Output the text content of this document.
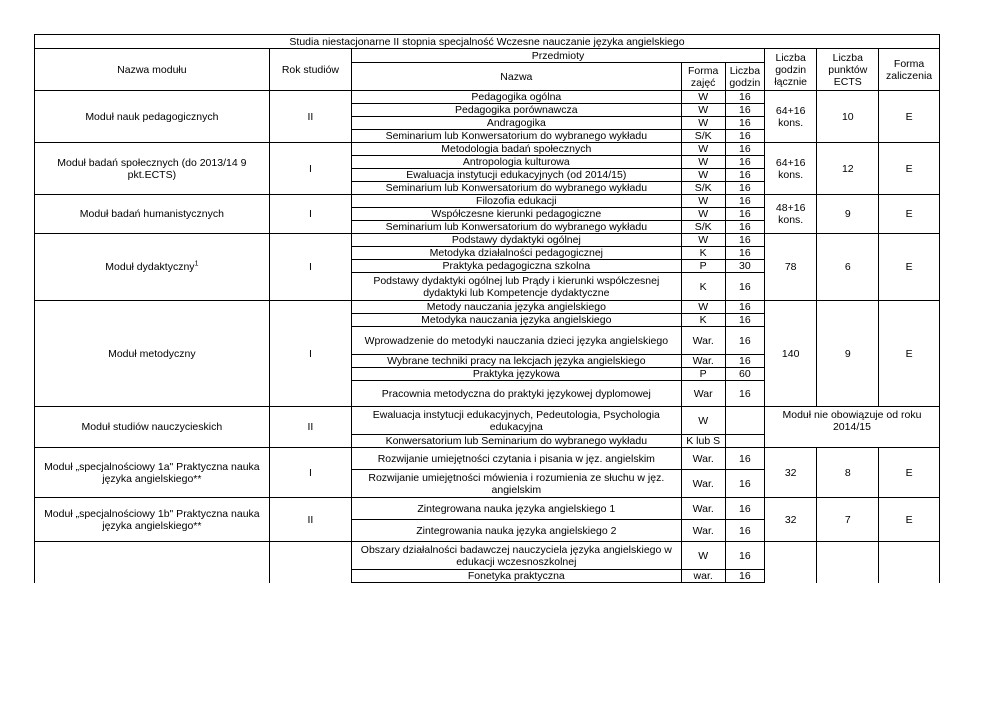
Studia niestacjonarne II stopnia specjalność Wczesne nauczanie języka angielskiego							
Nazwa modułu	Rok studiów	Przedmioty			Liczba godzin łącznie	Liczba punktów ECTS	Forma zaliczenia
		Nazwa	Forma zajęć	Liczba godzin			
Moduł nauk pedagogicznych	II	Pedagogika ogólna	W	16	64+16 kons.	10	E
		Pedagogika porównawcza	W	16			
		Andragogika	W	16			
		Seminarium lub Konwersatorium do wybranego wykładu	S/K	16			
Moduł badań społecznych (do 2013/14 9 pkt.ECTS)	I	Metodologia badań społecznych	W	16	64+16 kons.	12	E
		Antropologia kulturowa	W	16			
		Ewaluacja instytucji edukacyjnych (od 2014/15)	W	16			
		Seminarium lub Konwersatorium do wybranego wykładu	S/K	16			
Moduł badań humanistycznych	I	Filozofia edukacji	W	16	48+16 kons.	9	E
		Współczesne kierunki pedagogiczne	W	16			
		Seminarium lub Konwersatorium do wybranego wykładu	S/K	16			
Moduł dydaktyczny$^1$	I	Podstawy dydaktyki ogólnej	W	16	78	6	E
		Metodyka działalności pedagogicznej	K	16			
		Praktyka pedagogiczna szkolna	P	30			
		Podstawy dydaktyki ogólnej lub Prądy i kierunki współczesnej dydaktyki lub Kompetencje dydaktyczne	K	16			
Moduł metodyczny	I	Metody nauczania języka angielskiego	W	16	140	9	E
		Metodyka nauczania języka angielskiego	K	16			
		Wprowadzenie do metodyki nauczania dzieci języka angielskiego	War.	16			
		Wybrane techniki pracy na lekcjach języka angielskiego	War.	16			
		Praktyka językowa	P	60			
		Pracownia metodyczna do praktyki językowej dyplomowej	War	16			
Moduł studiów nauczycieskich	II	Ewaluacja instytucji edukacyjnych, Pedeutologia, Psychologia edukacyjna	W		Moduł nie obowiązuje od roku 2014/15		
		Konwersatorium lub Seminarium do wybranego wykładu	K lub S				
Moduł „specjalnościowy 1a" Praktyczna nauka języka angielskiego**	I	Rozwijanie umiejętności czytania i pisania w jęz. angielskim	War.	16	32	8	E
		Rozwijanie umiejętności mówienia i rozumienia ze słuchu w jęz. angielskim	War.	16			
Moduł „specjalnościowy 1b" Praktyczna nauka języka angielskiego**	II	Zintegrowana nauka języka angielskiego 1	War.	16	32	7	E
		Zintegrowania nauka języka angielskiego 2	War.	16			
		Obszary działalności badawczej nauczyciela języka angielskiego w edukacji wczesnoszkolnej	W	16			
		Fonetyka praktyczna	war.	16			
